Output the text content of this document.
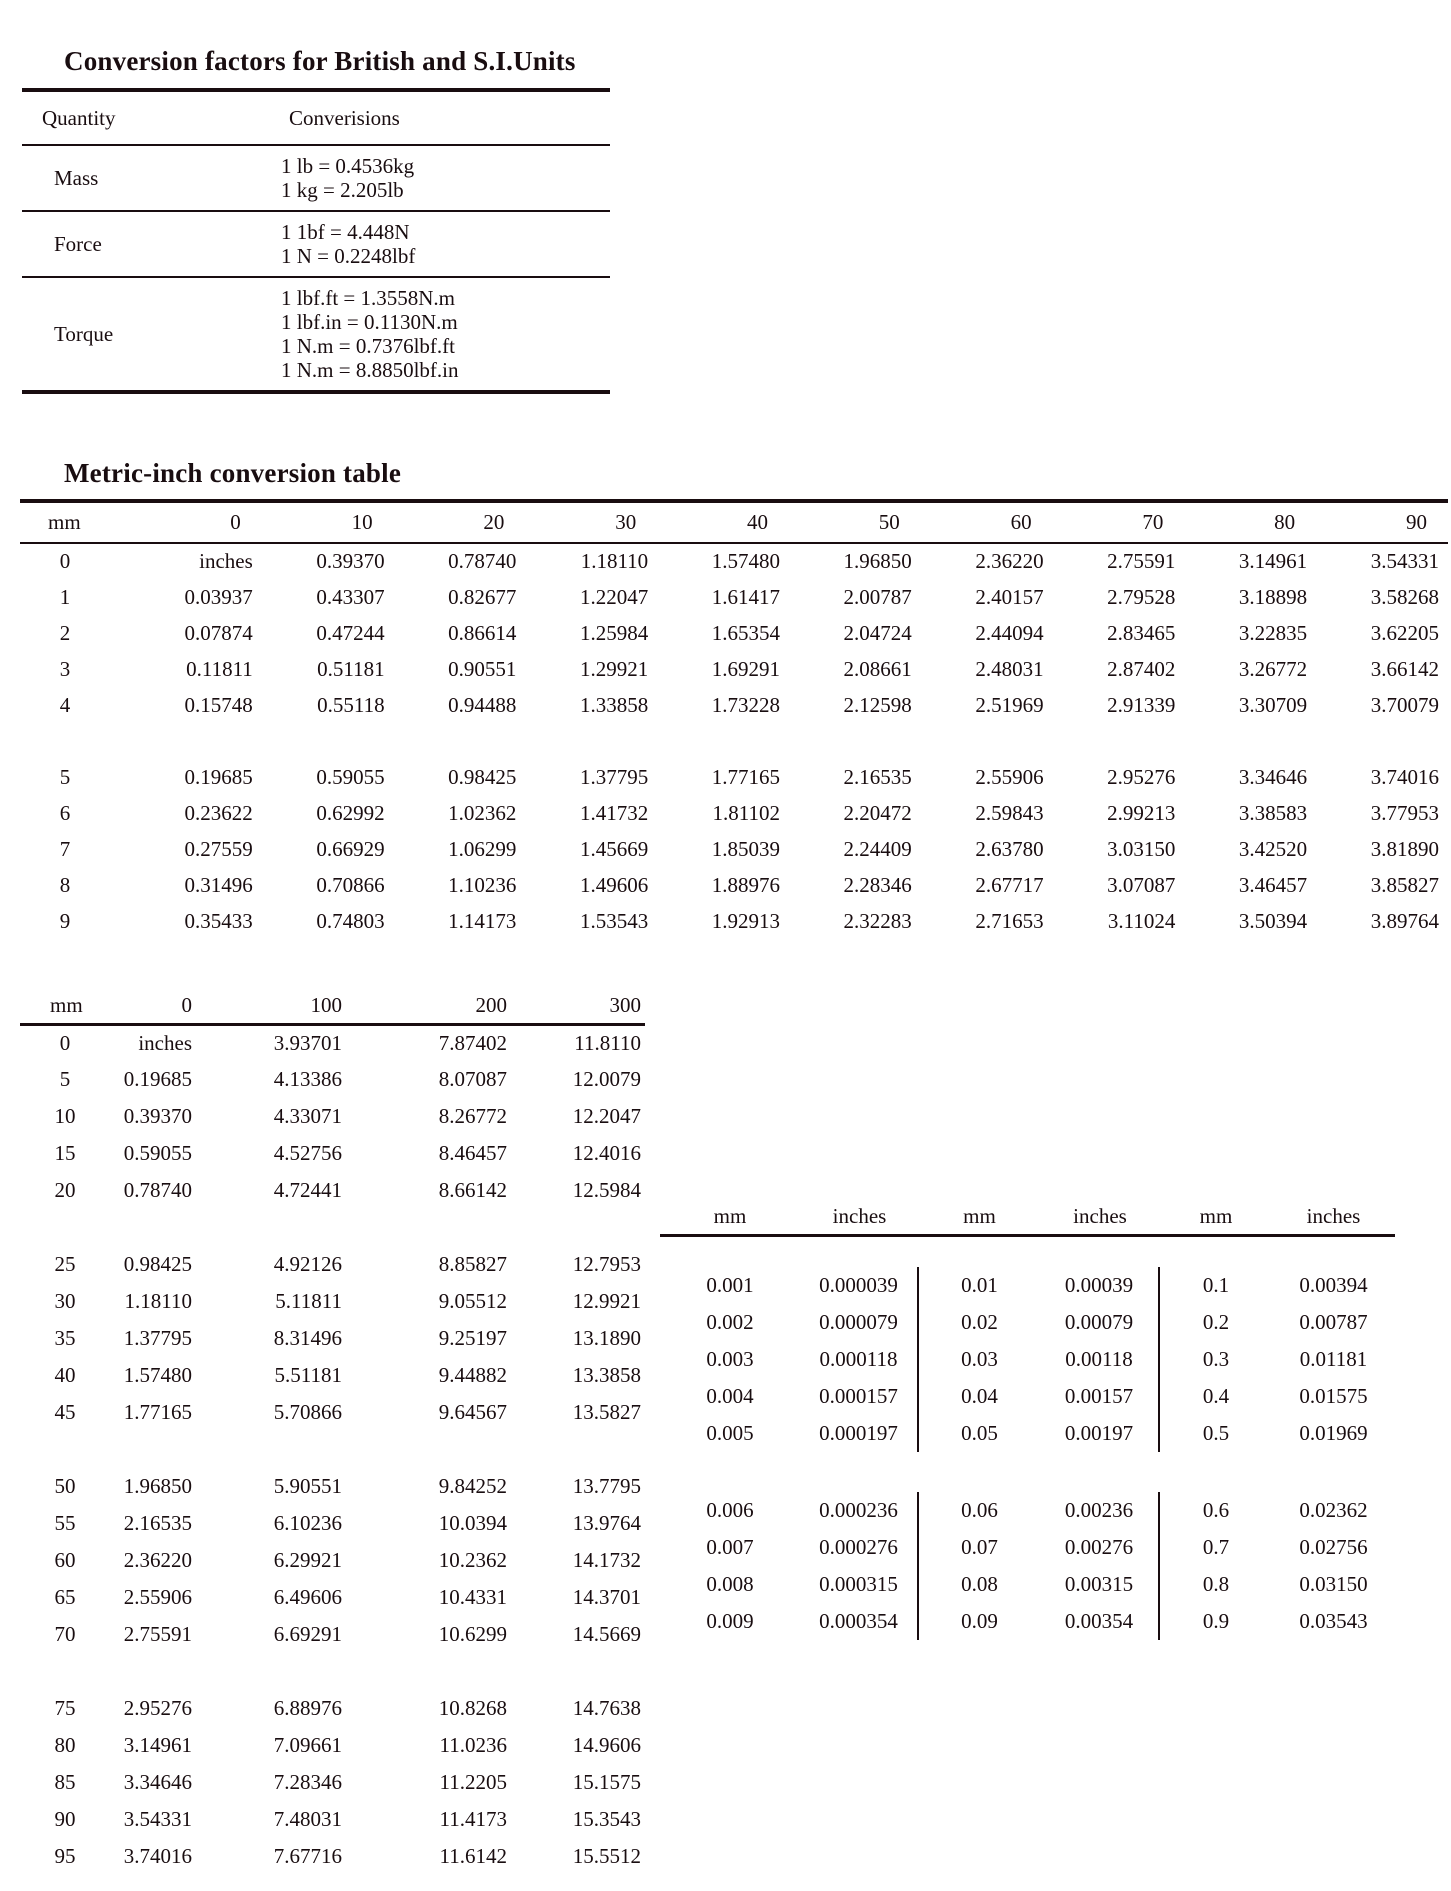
Conversion factors for British and S.I.Units
Quantity	Converisions
Mass	1 lb = 0.4536kg
1 kg = 2.205lb

Force	1 1bf = 4.448N
1 N = 0.2248lbf

Torque	1 lbf.ft = 1.3558N.m
1 lbf.in = 0.1130N.m
1 N.m = 0.7376lbf.ft
1 N.m = 8.8850lbf.in
Metric-inch conversion table
mm	0	10	20	30	40	50	60	70	80	90
0	inches	0.39370	0.78740	1.18110	1.57480	1.96850	2.36220	2.75591	3.14961	3.54331
1	0.03937	0.43307	0.82677	1.22047	1.61417	2.00787	2.40157	2.79528	3.18898	3.58268
2	0.07874	0.47244	0.86614	1.25984	1.65354	2.04724	2.44094	2.83465	3.22835	3.62205
3	0.11811	0.51181	0.90551	1.29921	1.69291	2.08661	2.48031	2.87402	3.26772	3.66142
4	0.15748	0.55118	0.94488	1.33858	1.73228	2.12598	2.51969	2.91339	3.30709	3.70079

5	0.19685	0.59055	0.98425	1.37795	1.77165	2.16535	2.55906	2.95276	3.34646	3.74016
6	0.23622	0.62992	1.02362	1.41732	1.81102	2.20472	2.59843	2.99213	3.38583	3.77953
7	0.27559	0.66929	1.06299	1.45669	1.85039	2.24409	2.63780	3.03150	3.42520	3.81890
8	0.31496	0.70866	1.10236	1.49606	1.88976	2.28346	2.67717	3.07087	3.46457	3.85827
9	0.35433	0.74803	1.14173	1.53543	1.92913	2.32283	2.71653	3.11024	3.50394	3.89764
mm	0	100	200	300
0	inches	3.93701	7.87402	11.8110
5	0.19685	4.13386	8.07087	12.0079
10	0.39370	4.33071	8.26772	12.2047
15	0.59055	4.52756	8.46457	12.4016
20	0.78740	4.72441	8.66142	12.5984

25	0.98425	4.92126	8.85827	12.7953
30	1.18110	5.11811	9.05512	12.9921
35	1.37795	8.31496	9.25197	13.1890
40	1.57480	5.51181	9.44882	13.3858
45	1.77165	5.70866	9.64567	13.5827

50	1.96850	5.90551	9.84252	13.7795
55	2.16535	6.10236	10.0394	13.9764
60	2.36220	6.29921	10.2362	14.1732
65	2.55906	6.49606	10.4331	14.3701
70	2.75591	6.69291	10.6299	14.5669

75	2.95276	6.88976	10.8268	14.7638
80	3.14961	7.09661	11.0236	14.9606
85	3.34646	7.28346	11.2205	15.1575
90	3.54331	7.48031	11.4173	15.3543
95	3.74016	7.67716	11.6142	15.5512
mm	inches	mm	inches	mm	inches
0.001	0.000039	0.01	0.00039	0.1	0.00394
0.002	0.000079	0.02	0.00079	0.2	0.00787
0.003	0.000118	0.03	0.00118	0.3	0.01181
0.004	0.000157	0.04	0.00157	0.4	0.01575
0.005	0.000197	0.05	0.00197	0.5	0.01969
0.006	0.000236	0.06	0.00236	0.6	0.02362
0.007	0.000276	0.07	0.00276	0.7	0.02756
0.008	0.000315	0.08	0.00315	0.8	0.03150
0.009	0.000354	0.09	0.00354	0.9	0.03543
